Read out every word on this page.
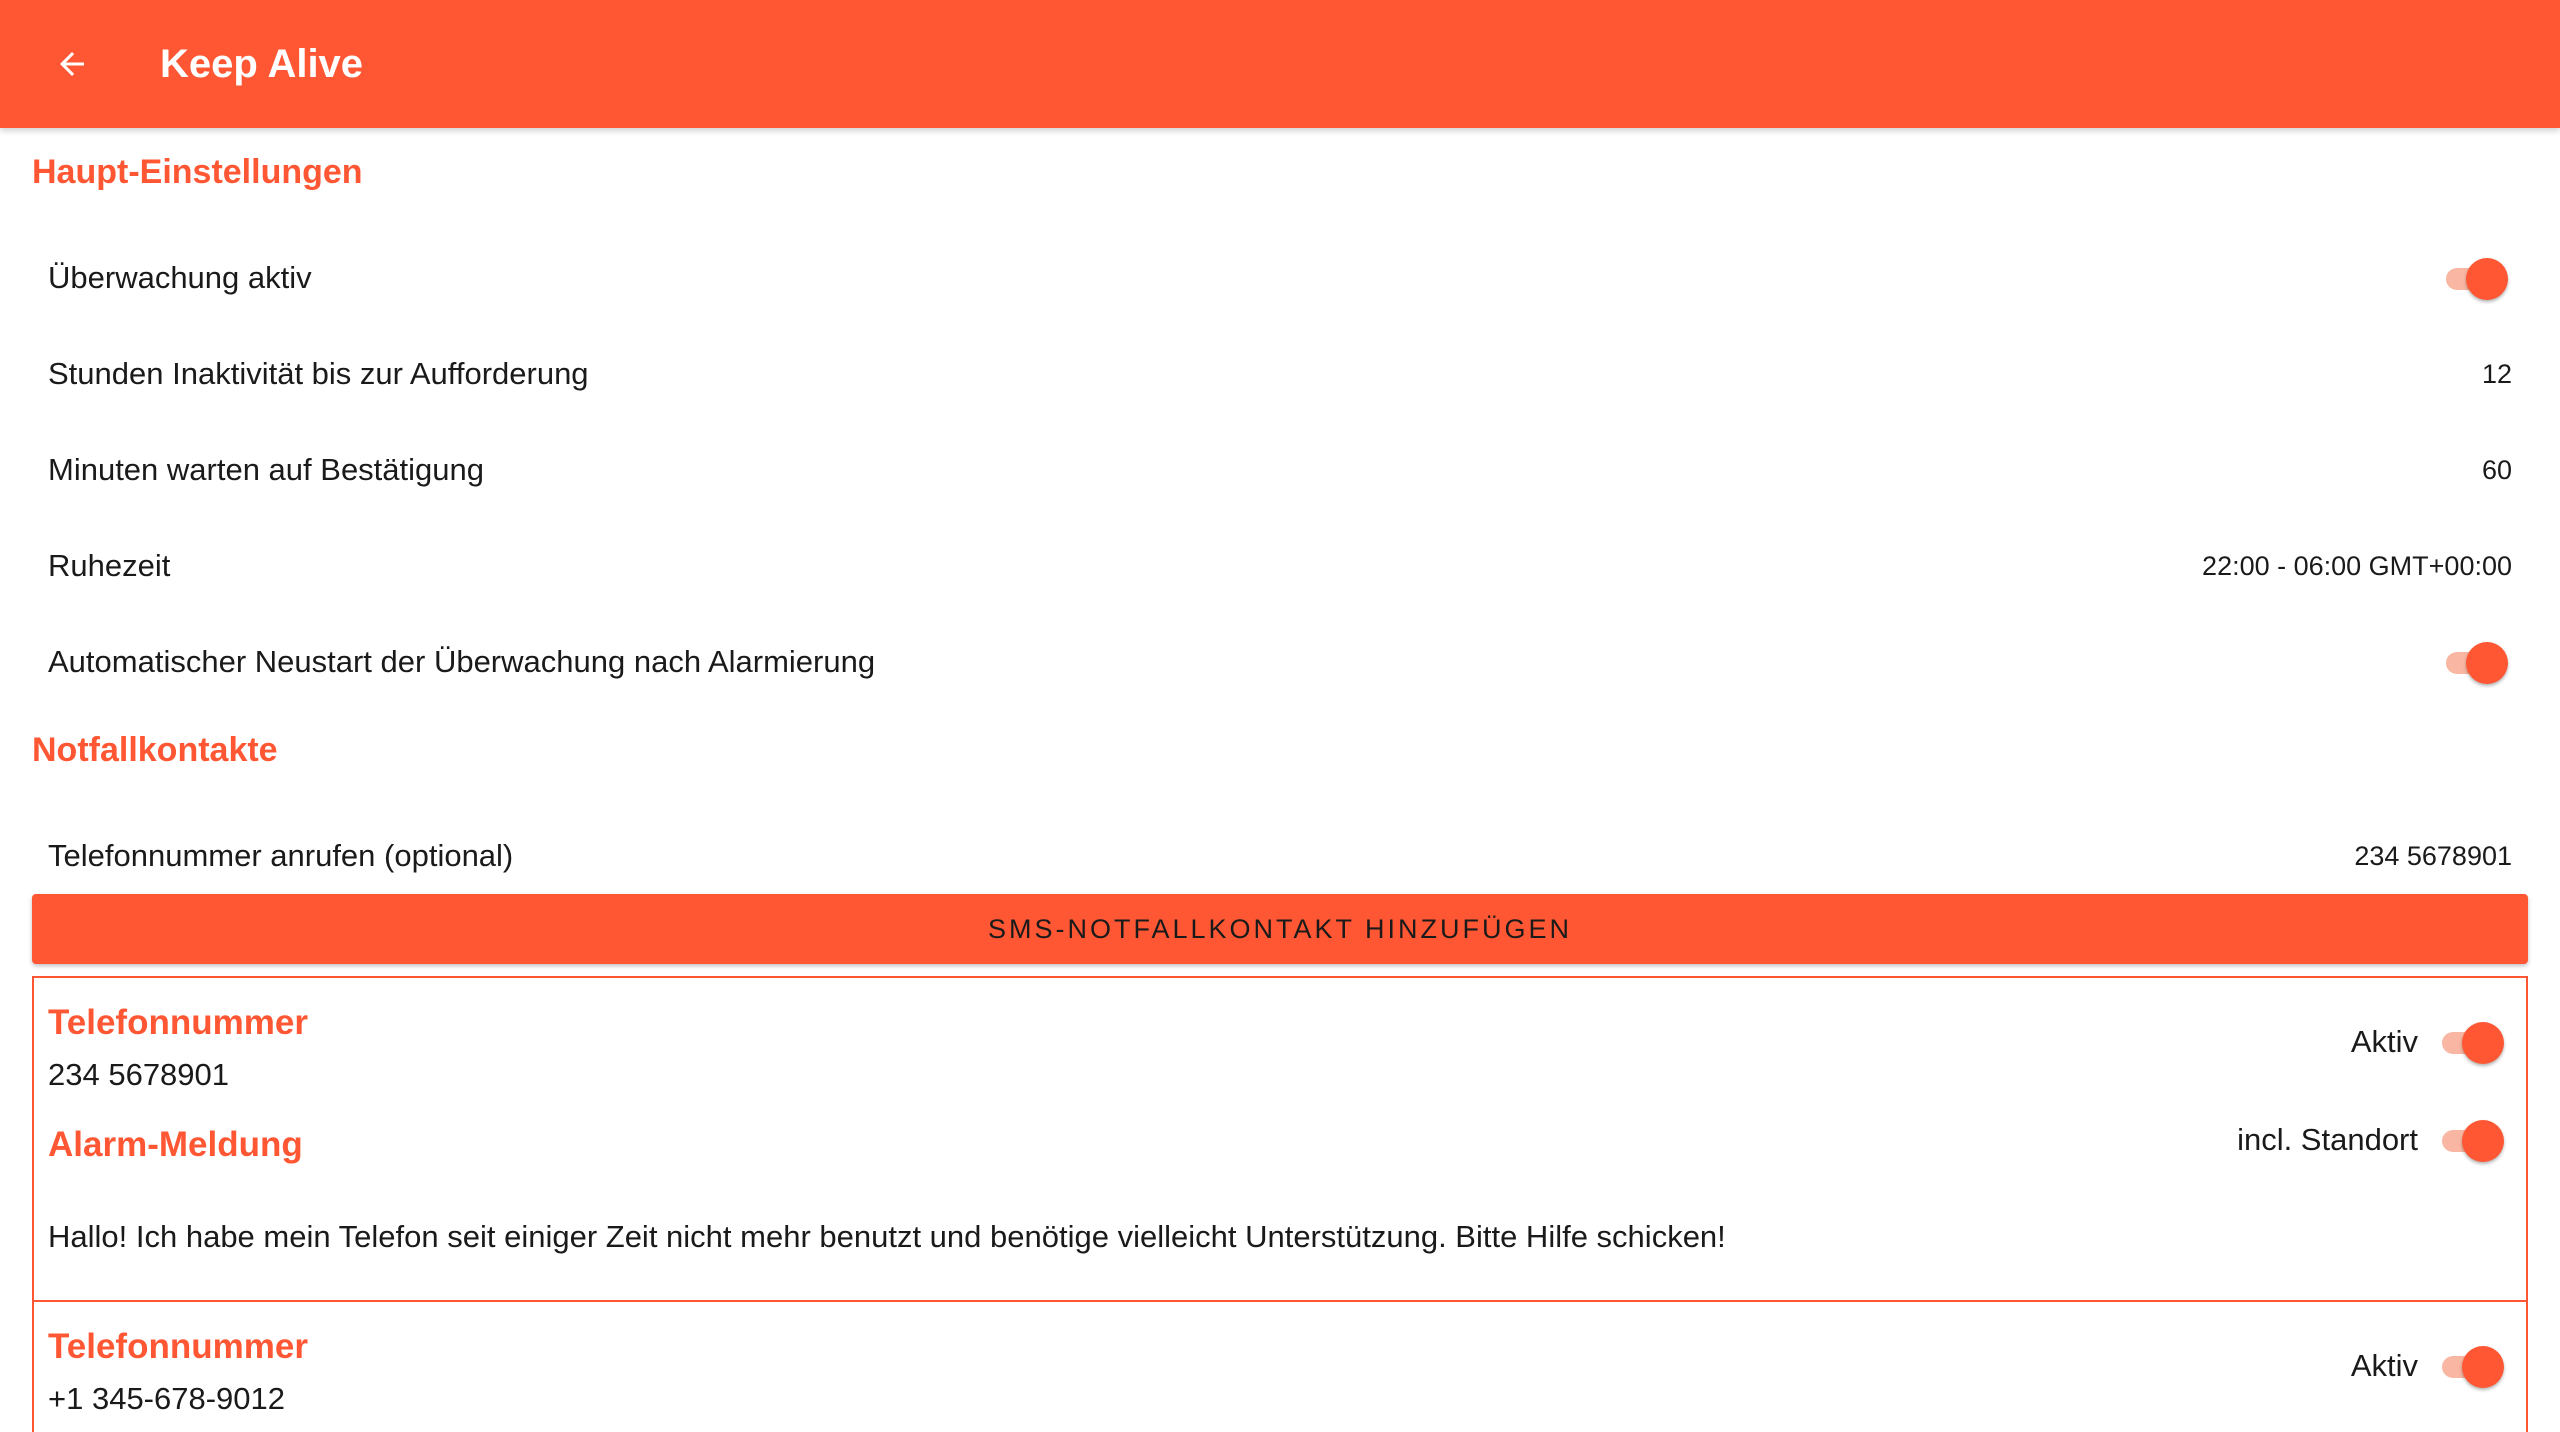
Keep Alive
Haupt-Einstellungen
Überwachung aktiv
Stunden Inaktivität bis zur Aufforderung	12
Minuten warten auf Bestätigung	60
Ruhezeit	22:00 - 06:00 GMT+00:00
Automatischer Neustart der Überwachung nach Alarmierung
Notfallkontakte
Telefonnummer anrufen (optional)	234 5678901
SMS-NOTFALLKONTAKT HINZUFÜGEN
Telefonnummer
234 5678901
Aktiv
Alarm-Meldung	incl. Standort
Hallo! Ich habe mein Telefon seit einiger Zeit nicht mehr benutzt und benötige vielleicht Unterstützung. Bitte Hilfe schicken!
Telefonnummer
+1 345-678-9012
Aktiv
